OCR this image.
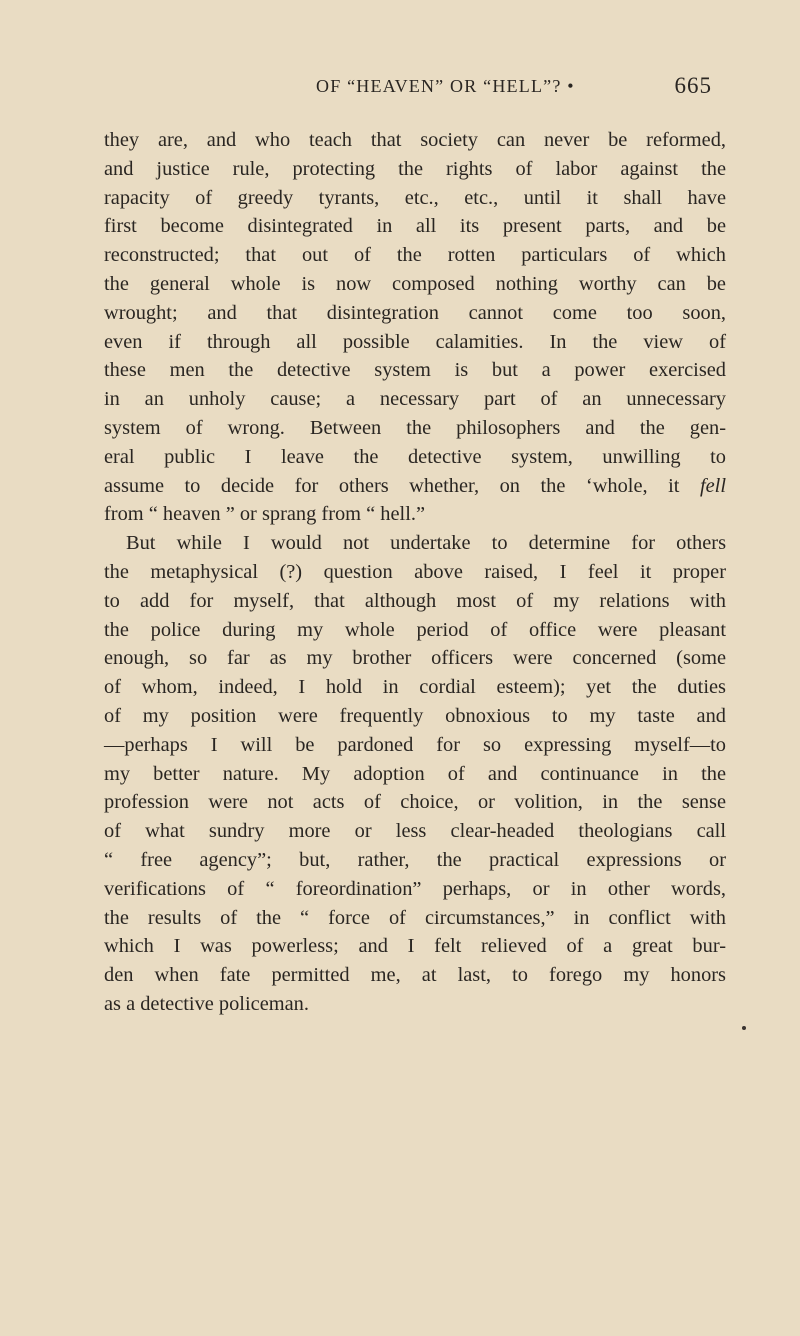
OF “HEAVEN” OR “HELL”? •	665
they are, and who teach that society can never be reformed,
and justice rule, protecting the rights of labor against the
rapacity of greedy tyrants, etc., etc., until it shall have
first become disintegrated in all its present parts, and be
reconstructed; that out of the rotten particulars of which
the general whole is now composed nothing worthy can be
wrought; and that disintegration cannot come too soon,
even if through all possible calamities. In the view of
these men the detective system is but a power exercised
in an unholy cause; a necessary part of an unnecessary
system of wrong. Between the philosophers and the gen-
eral public I leave the detective system, unwilling to
assume to decide for others whether, on the ‘whole, it fell
from “ heaven ” or sprang from “ hell.”
But while I would not undertake to determine for others
the metaphysical (?) question above raised, I feel it proper
to add for myself, that although most of my relations with
the police during my whole period of office were pleasant
enough, so far as my brother officers were concerned (some
of whom, indeed, I hold in cordial esteem); yet the duties
of my position were frequently obnoxious to my taste and
—perhaps I will be pardoned for so expressing myself—to
my better nature. My adoption of and continuance in the
profession were not acts of choice, or volition, in the sense
of what sundry more or less clear-headed theologians call
“ free agency”; but, rather, the practical expressions or
verifications of “ foreordination” perhaps, or in other words,
the results of the “ force of circumstances,” in conflict with
which I was powerless; and I felt relieved of a great bur-
den when fate permitted me, at last, to forego my honors
as a detective policeman.
